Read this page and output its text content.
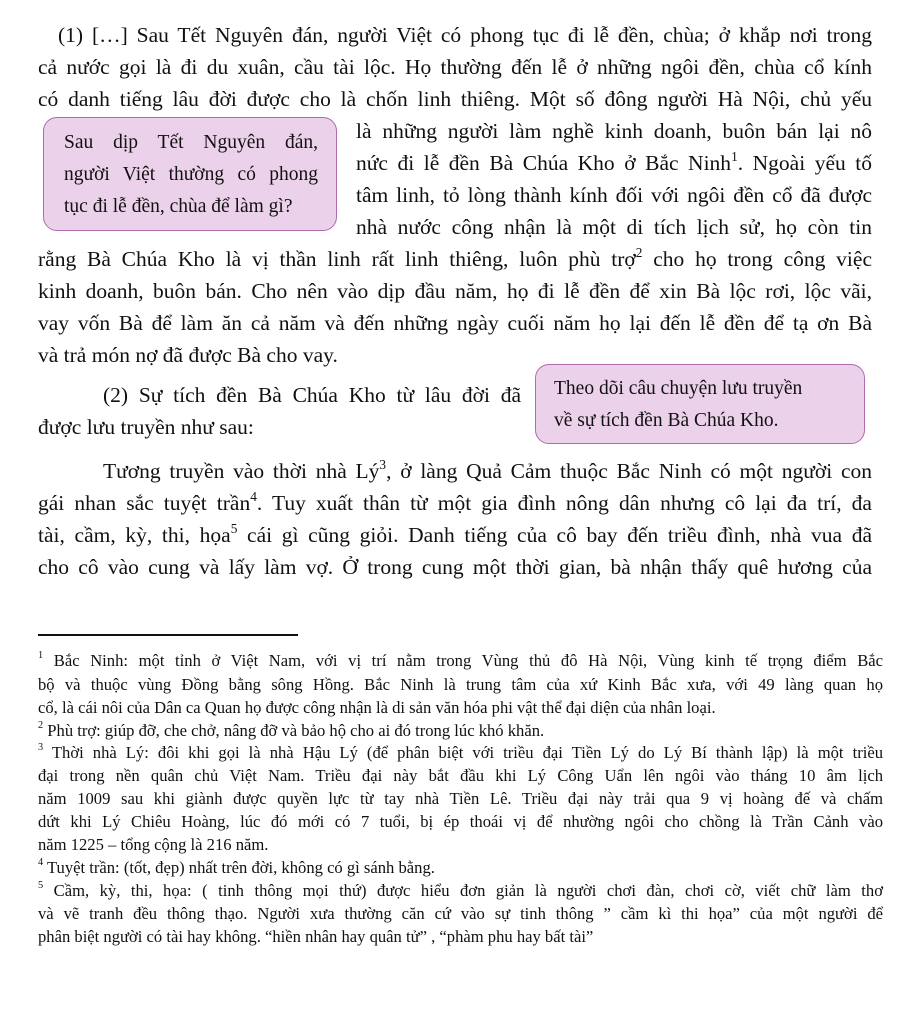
(1) […] Sau Tết Nguyên đán, người Việt có phong tục đi lễ đền, chùa; ở khắp nơi trong
cả nước gọi là đi du xuân, cầu tài lộc. Họ thường đến lễ ở những ngôi đền, chùa cổ kính
có danh tiếng lâu đời được cho là chốn linh thiêng. Một số đông người Hà Nội, chủ yếu
là những người làm nghề kinh doanh, buôn bán lại nô
nức đi lễ đền Bà Chúa Kho ở Bắc Ninh$^1$. Ngoài yếu tố
tâm linh, tỏ lòng thành kính đối với ngôi đền cổ đã được
nhà nước công nhận là một di tích lịch sử, họ còn tin
rằng Bà Chúa Kho là vị thần linh rất linh thiêng, luôn phù trợ$^2$ cho họ trong công việc
kinh doanh, buôn bán. Cho nên vào dịp đầu năm, họ đi lễ đền để xin Bà lộc rơi, lộc vãi,
vay vốn Bà để làm ăn cả năm và đến những ngày cuối năm họ lại đến lễ đền để tạ ơn Bà
và trả món nợ đã được Bà cho vay.
Sau dịp Tết Nguyên đán,
người Việt thường có phong
tục đi lễ đền, chùa để làm gì?
(2) Sự tích đền Bà Chúa Kho từ lâu đời đã
được lưu truyền như sau:
Theo dõi câu chuyện lưu truyền
về sự tích đền Bà Chúa Kho.
Tương truyền vào thời nhà $Lý^3$, ở làng Quả Cảm thuộc Bắc Ninh có một người con
gái nhan sắc tuyệt trần$^4$. Tuy xuất thân từ một gia đình nông dân nhưng cô lại đa trí, đa
tài, cầm, kỳ, thi, họa$^5$ cái gì cũng giỏi. Danh tiếng của cô bay đến triều đình, nhà vua đã
cho cô vào cung và lấy làm vợ. Ở trong cung một thời gian, bà nhận thấy quê hương của
$^1$ Bắc Ninh: một tỉnh ở Việt Nam, với vị trí nằm trong Vùng thủ đô Hà Nội, Vùng kinh tế trọng điểm Bắc
bộ và thuộc vùng Đồng bằng sông Hồng. Bắc Ninh là trung tâm của xứ Kinh Bắc xưa, với 49 làng quan họ
cổ, là cái nôi của Dân ca Quan họ được công nhận là di sản văn hóa phi vật thể đại diện của nhân loại.
$^2$ Phù trợ: giúp đỡ, che chở, nâng đỡ và bảo hộ cho ai đó trong lúc khó khăn.
$^3$ Thời nhà Lý: đôi khi gọi là nhà Hậu Lý (để phân biệt với triều đại Tiền Lý do Lý Bí thành lập) là một triều
đại trong nền quân chủ Việt Nam. Triều đại này bắt đầu khi Lý Công Uẩn lên ngôi vào tháng 10 âm lịch
năm 1009 sau khi giành được quyền lực từ tay nhà Tiền Lê. Triều đại này trải qua 9 vị hoàng đế và chấm
dứt khi Lý Chiêu Hoàng, lúc đó mới có 7 tuổi, bị ép thoái vị để nhường ngôi cho chồng là Trần Cảnh vào
năm 1225 – tổng cộng là 216 năm.
$^4$ Tuyệt trần: (tốt, đẹp) nhất trên đời, không có gì sánh bằng.
$^5$ Cầm, kỳ, thi, họa: ( tinh thông mọi thứ) được hiểu đơn giản là người chơi đàn, chơi cờ, viết chữ làm thơ
và vẽ tranh đều thông thạo. Người xưa thường căn cứ vào sự tinh thông ” cầm kì thi họa” của một người để
phân biệt người có tài hay không. “hiền nhân hay quân tử” , “phàm phu hay bất tài”
